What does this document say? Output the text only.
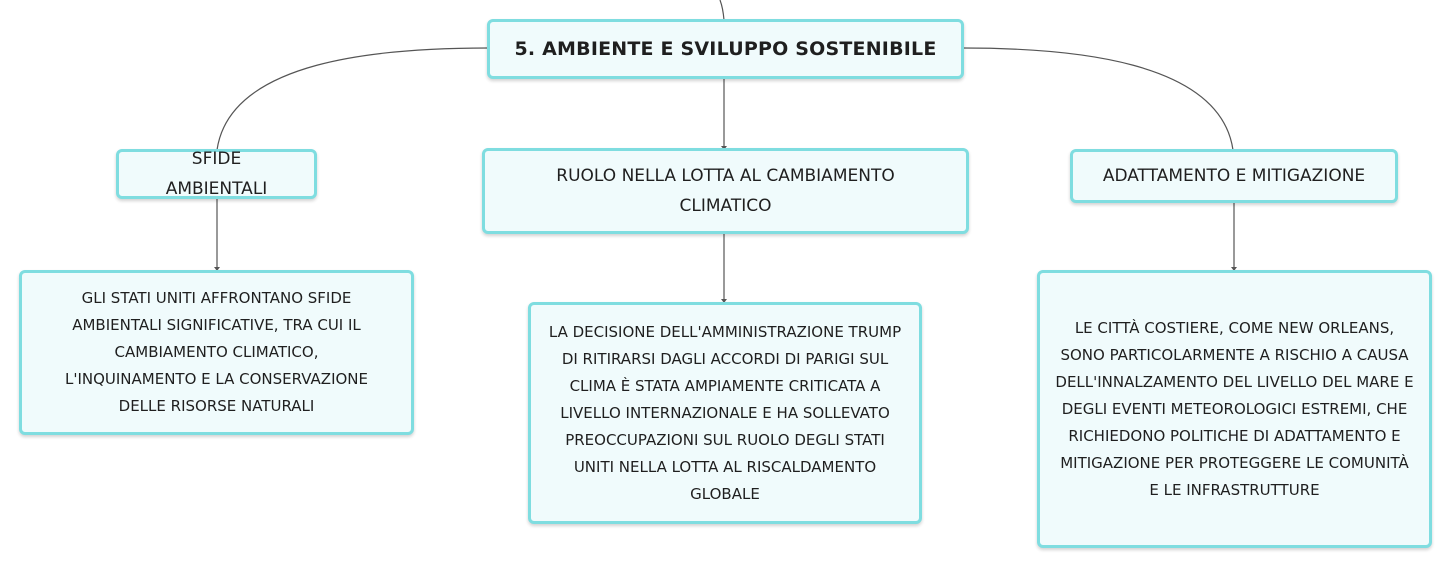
5. AMBIENTE E SVILUPPO SOSTENIBILE
SFIDE AMBIENTALI
RUOLO NELLA LOTTA AL CAMBIAMENTO CLIMATICO
ADATTAMENTO E MITIGAZIONE
GLI STATI UNITI AFFRONTANO SFIDE AMBIENTALI SIGNIFICATIVE, TRA CUI IL CAMBIAMENTO CLIMATICO, L'INQUINAMENTO E LA CONSERVAZIONE DELLE RISORSE NATURALI
LA DECISIONE DELL'AMMINISTRAZIONE TRUMP DI RITIRARSI DAGLI ACCORDI DI PARIGI SUL CLIMA È STATA AMPIAMENTE CRITICATA A LIVELLO INTERNAZIONALE E HA SOLLEVATO PREOCCUPAZIONI SUL RUOLO DEGLI STATI UNITI NELLA LOTTA AL RISCALDAMENTO GLOBALE
LE CITTÀ COSTIERE, COME NEW ORLEANS, SONO PARTICOLARMENTE A RISCHIO A CAUSA DELL'INNALZAMENTO DEL LIVELLO DEL MARE E DEGLI EVENTI METEOROLOGICI ESTREMI, CHE RICHIEDONO POLITICHE DI ADATTAMENTO E MITIGAZIONE PER PROTEGGERE LE COMUNITÀ E LE INFRASTRUTTURE
